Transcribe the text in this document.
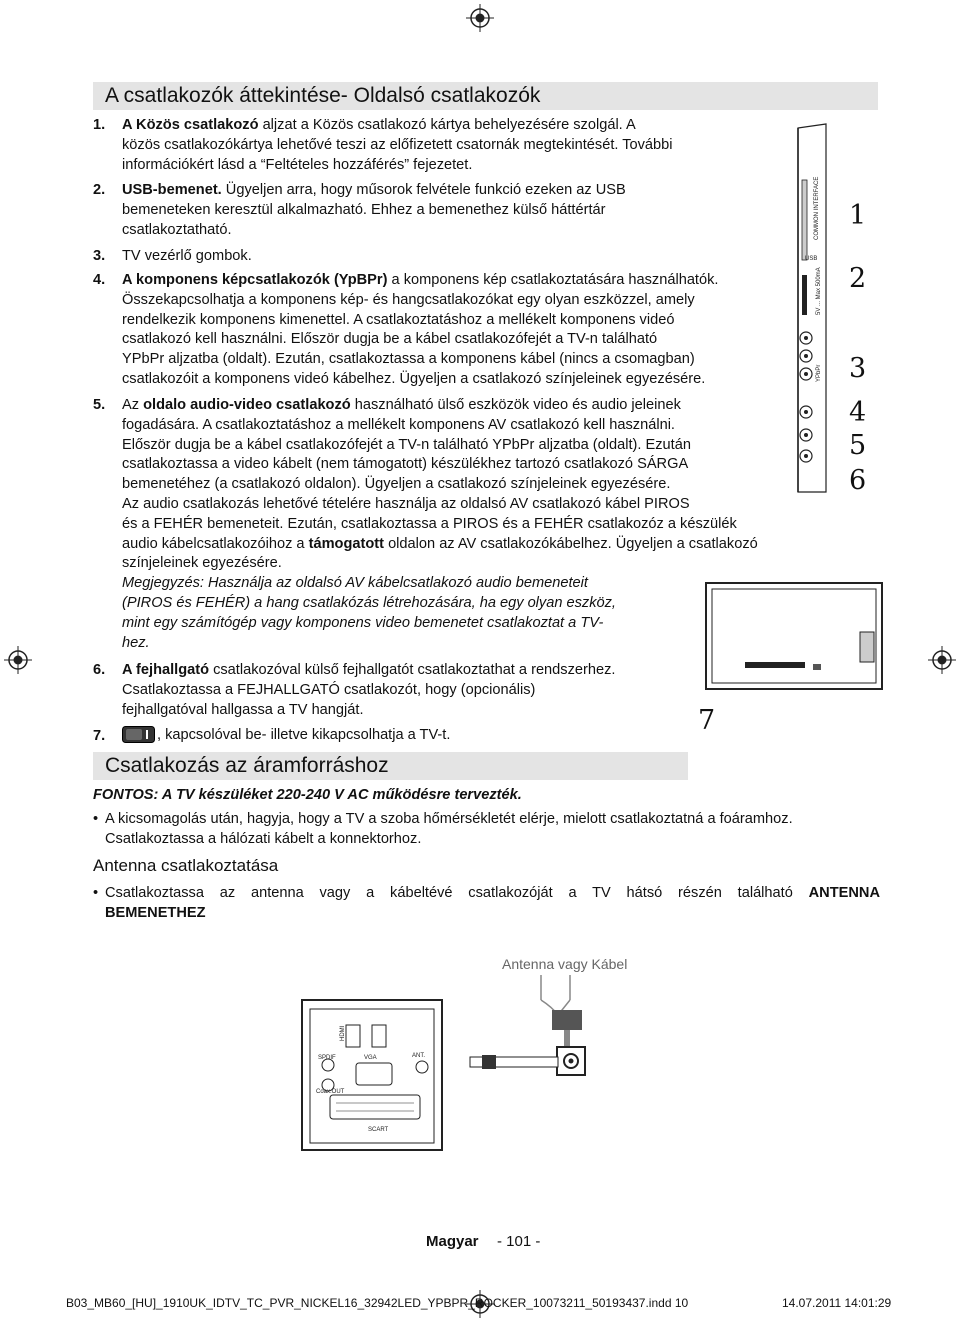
A csatlakozók áttekintése- Oldalsó csatlakozók
1. A Közös csatlakozó aljzat a Közös csatlakozó kártya behelyezésére szolgál. A
közös csatlakozókártya lehetővé teszi az előfizetett csatornák megtekintését. További
információkért lásd a “Feltételes hozzáférés” fejezetet.
2. USB-bemenet. Ügyeljen arra, hogy műsorok felvétele funkció ezeken az USB
bemeneteken keresztül alkalmazható. Ehhez a bemenethez külső háttértár
csatlakoztatható.
3. TV vezérlő gombok.
4. A komponens képcsatlakozók (YpBPr) a komponens kép csatlakoztatására használhatók.
Összekapcsolhatja a komponens kép- és hangcsatlakozókat egy olyan eszközzel, amely
rendelkezik komponens kimenettel. A csatlakoztatáshoz a mellékelt komponens videó
csatlakozó kell használni. Először dugja be a kábel csatlakozófejét a TV-n található
YPbPr aljzatba (oldalt). Ezután, csatlakoztassa a komponens kábel (nincs a csomagban)
csatlakozóit a komponens videó kábelhez. Ügyeljen a csatlakozó színjeleinek egyezésére.
5. Az oldalo audio-video csatlakozó használható ülső eszközök video és audio jeleinek
fogadására. A csatlakoztatáshoz a mellékelt komponens AV csatlakozó kell használni.
Először dugja be a kábel csatlakozófejét a TV-n található YPbPr aljzatba (oldalt). Ezután
csatlakoztassa a video kábelt (nem támogatott) készülékhez tartozó csatlakozó SÁRGA
bemenetéhez (a csatlakozó oldalon). Ügyeljen a csatlakozó színjeleinek egyezésére.
Az audio csatlakozás lehetővé tételére használja az oldalsó AV csatlakozó kábel PIROS
és a FEHÉR bemeneteit. Ezután, csatlakoztassa a PIROS és a FEHÉR csatlakozóz a készülék
audio kábelcsatlakozóihoz a támogatott oldalon az AV csatlakozókábelhez. Ügyeljen a csatlakozó
színjeleinek egyezésére.
Megjegyzés: Használja az oldalsó AV kábelcsatlakozó audio bemeneteit
(PIROS és FEHÉR) a hang csatlakózás létrehozására, ha egy olyan eszköz,
mint egy számítógép vagy komponens video bemenetet csatlakoztat a TV-
hez.
6. A fejhallgató csatlakozóval külső fejhallgatót csatlakoztathat a rendszerhez.
Csatlakoztassa a FEJHALLGATÓ csatlakozót, hogy (opcionális)
fejhallgatóval hallgassa a TV hangját.
7.	, kapcsolóval be- illetve kikapcsolhatja a TV-t.
Csatlakozás az áramforráshoz
FONTOS: A TV készüléket 220-240 V AC működésre tervezték.
• A kicsomagolás után, hagyja, hogy a TV a szoba hőmérsékletét elérje, mielott csatlakoztatná a foáramhoz.
Csatlakoztassa a hálózati kábelt a konnektorhoz.
Antenna csatlakoztatása
• Csatlakoztassa az antenna vagy a kábeltévé csatlakozóját a TV hátsó részén található ANTENNA
BEMENETHEZ
COMMON INTERFACE
USB
5V ... Max 500mA
YPbPr
1
2
3
4
5
6
7
Antenna vagy Kábel
SPDIF
Coax.OUT
VGA	ANT.
SCART
HDMI
Magyar - 101 -
B03_MB60_[HU]_1910UK_IDTV_TC_PVR_NICKEL16_32942LED_YPBPR_ROCKER_10073211_50193437.indd 10	14.07.2011 14:01:29
